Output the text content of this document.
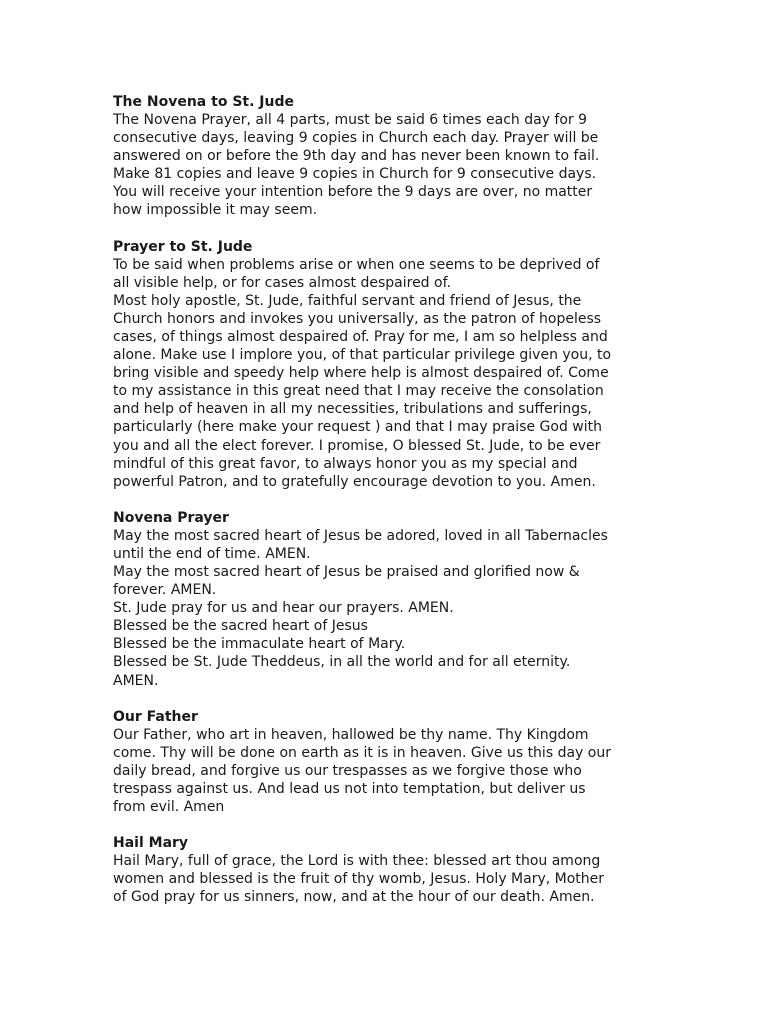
The Novena to St. Jude

The Novena Prayer, all 4 parts, must be said 6 times each day for 9

consecutive days, leaving 9 copies in Church each day. Prayer will be

answered on or before the 9th day and has never been known to fail.

Make 81 copies and leave 9 copies in Church for 9 consecutive days.

You will receive your intention before the 9 days are over, no matter

how impossible it may seem.

Prayer to St. Jude

To be said when problems arise or when one seems to be deprived of

all visible help, or for cases almost despaired of.

Most holy apostle, St. Jude, faithful servant and friend of Jesus, the

Church honors and invokes you universally, as the patron of hopeless

cases, of things almost despaired of. Pray for me, I am so helpless and

alone. Make use I implore you, of that particular privilege given you, to

bring visible and speedy help where help is almost despaired of. Come

to my assistance in this great need that I may receive the consolation

and help of heaven in all my necessities, tribulations and sufferings,

particularly (here make your request ) and that I may praise God with

you and all the elect forever. I promise, O blessed St. Jude, to be ever

mindful of this great favor, to always honor you as my special and

powerful Patron, and to gratefully encourage devotion to you. Amen.

Novena Prayer

May the most sacred heart of Jesus be adored, loved in all Tabernacles

until the end of time. AMEN.

May the most sacred heart of Jesus be praised and glorified now &

forever. AMEN.

St. Jude pray for us and hear our prayers. AMEN.

Blessed be the sacred heart of Jesus

Blessed be the immaculate heart of Mary.

Blessed be St. Jude Theddeus, in all the world and for all eternity.

AMEN.

Our Father

Our Father, who art in heaven, hallowed be thy name. Thy Kingdom

come. Thy will be done on earth as it is in heaven. Give us this day our

daily bread, and forgive us our trespasses as we forgive those who

trespass against us. And lead us not into temptation, but deliver us

from evil. Amen

Hail Mary

Hail Mary, full of grace, the Lord is with thee: blessed art thou among

women and blessed is the fruit of thy womb, Jesus. Holy Mary, Mother

of God pray for us sinners, now, and at the hour of our death. Amen.
